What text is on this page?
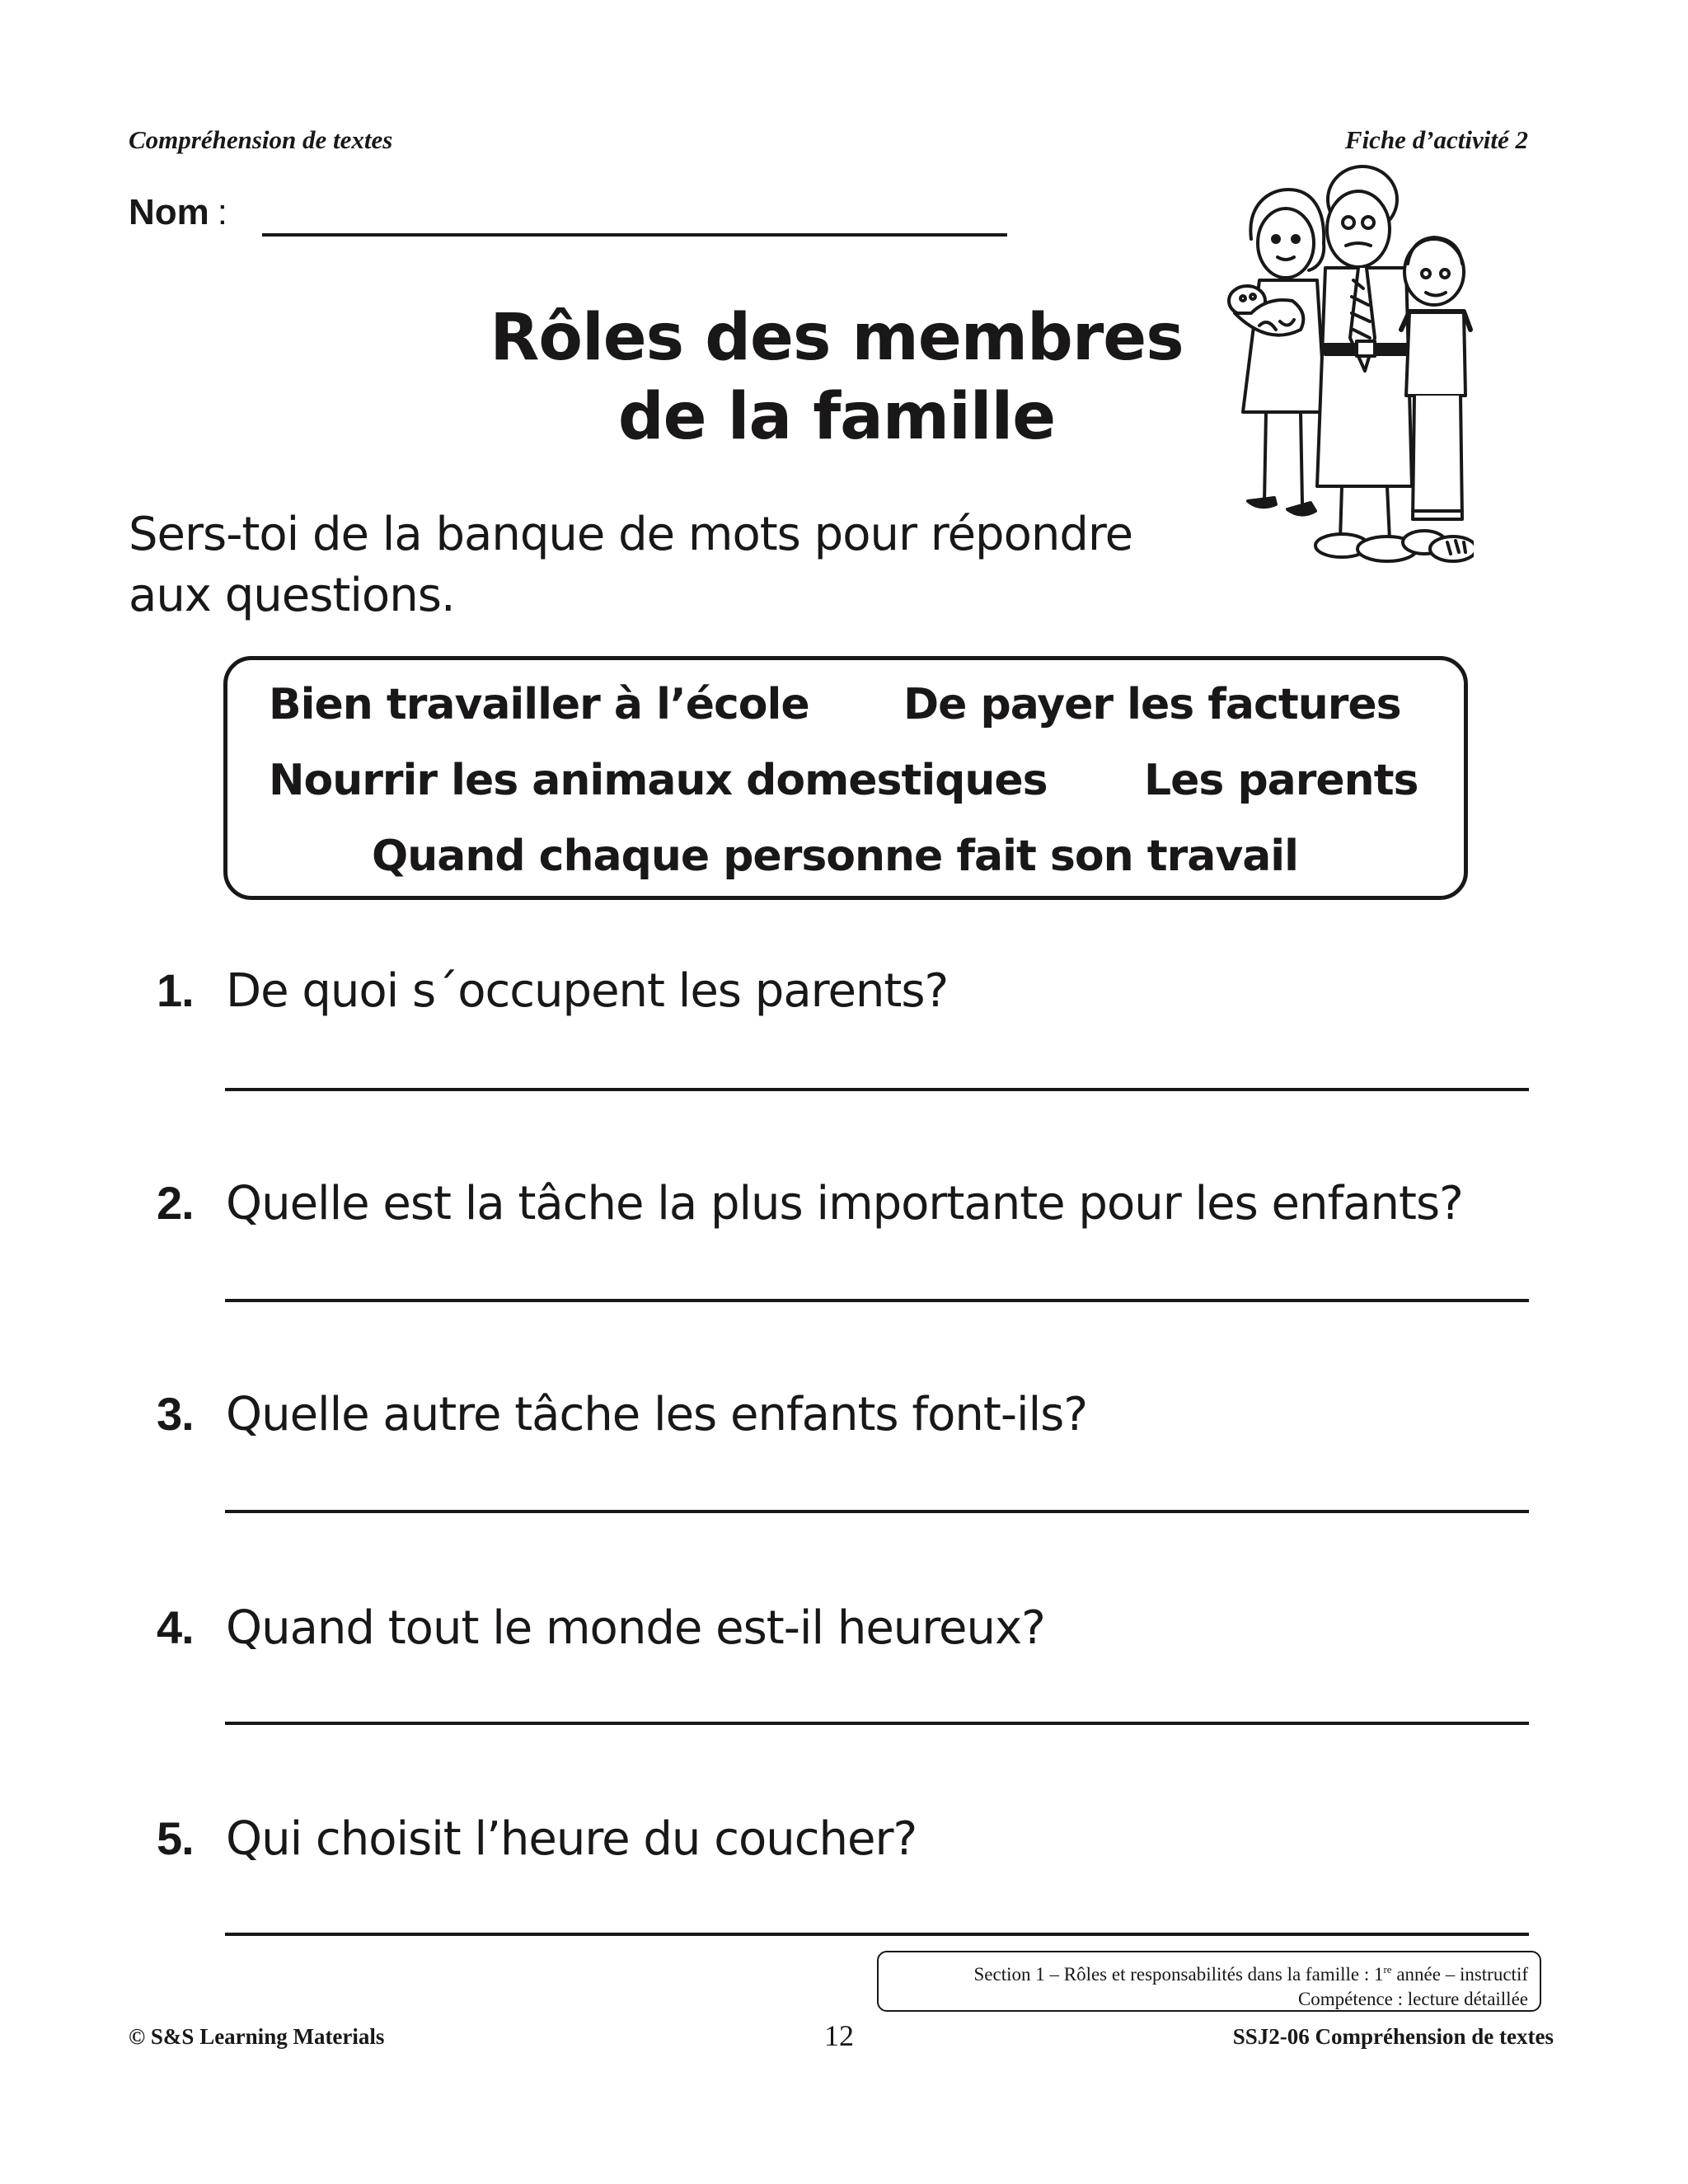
Compréhension de textes	Fiche d’activité 2
Nom :
Rôles des membres
de la famille
Sers-toi de la banque de mots pour répondre
aux questions.
Bien travailler à l’école De payer les factures
Nourrir les animaux domestiques Les parents
Quand chaque personne fait son travail
1. De quoi s´occupent les parents?
2. Quelle est la tâche la plus importante pour les enfants?
3. Quelle autre tâche les enfants font-ils?
4. Quand tout le monde est-il heureux?
5. Qui choisit l’heure du coucher?
Section 1 – Rôles et responsabilités dans la famille : 1re année – instructif
Compétence : lecture détaillée
© S&S Learning Materials	12	SSJ2-06 Compréhension de textes
